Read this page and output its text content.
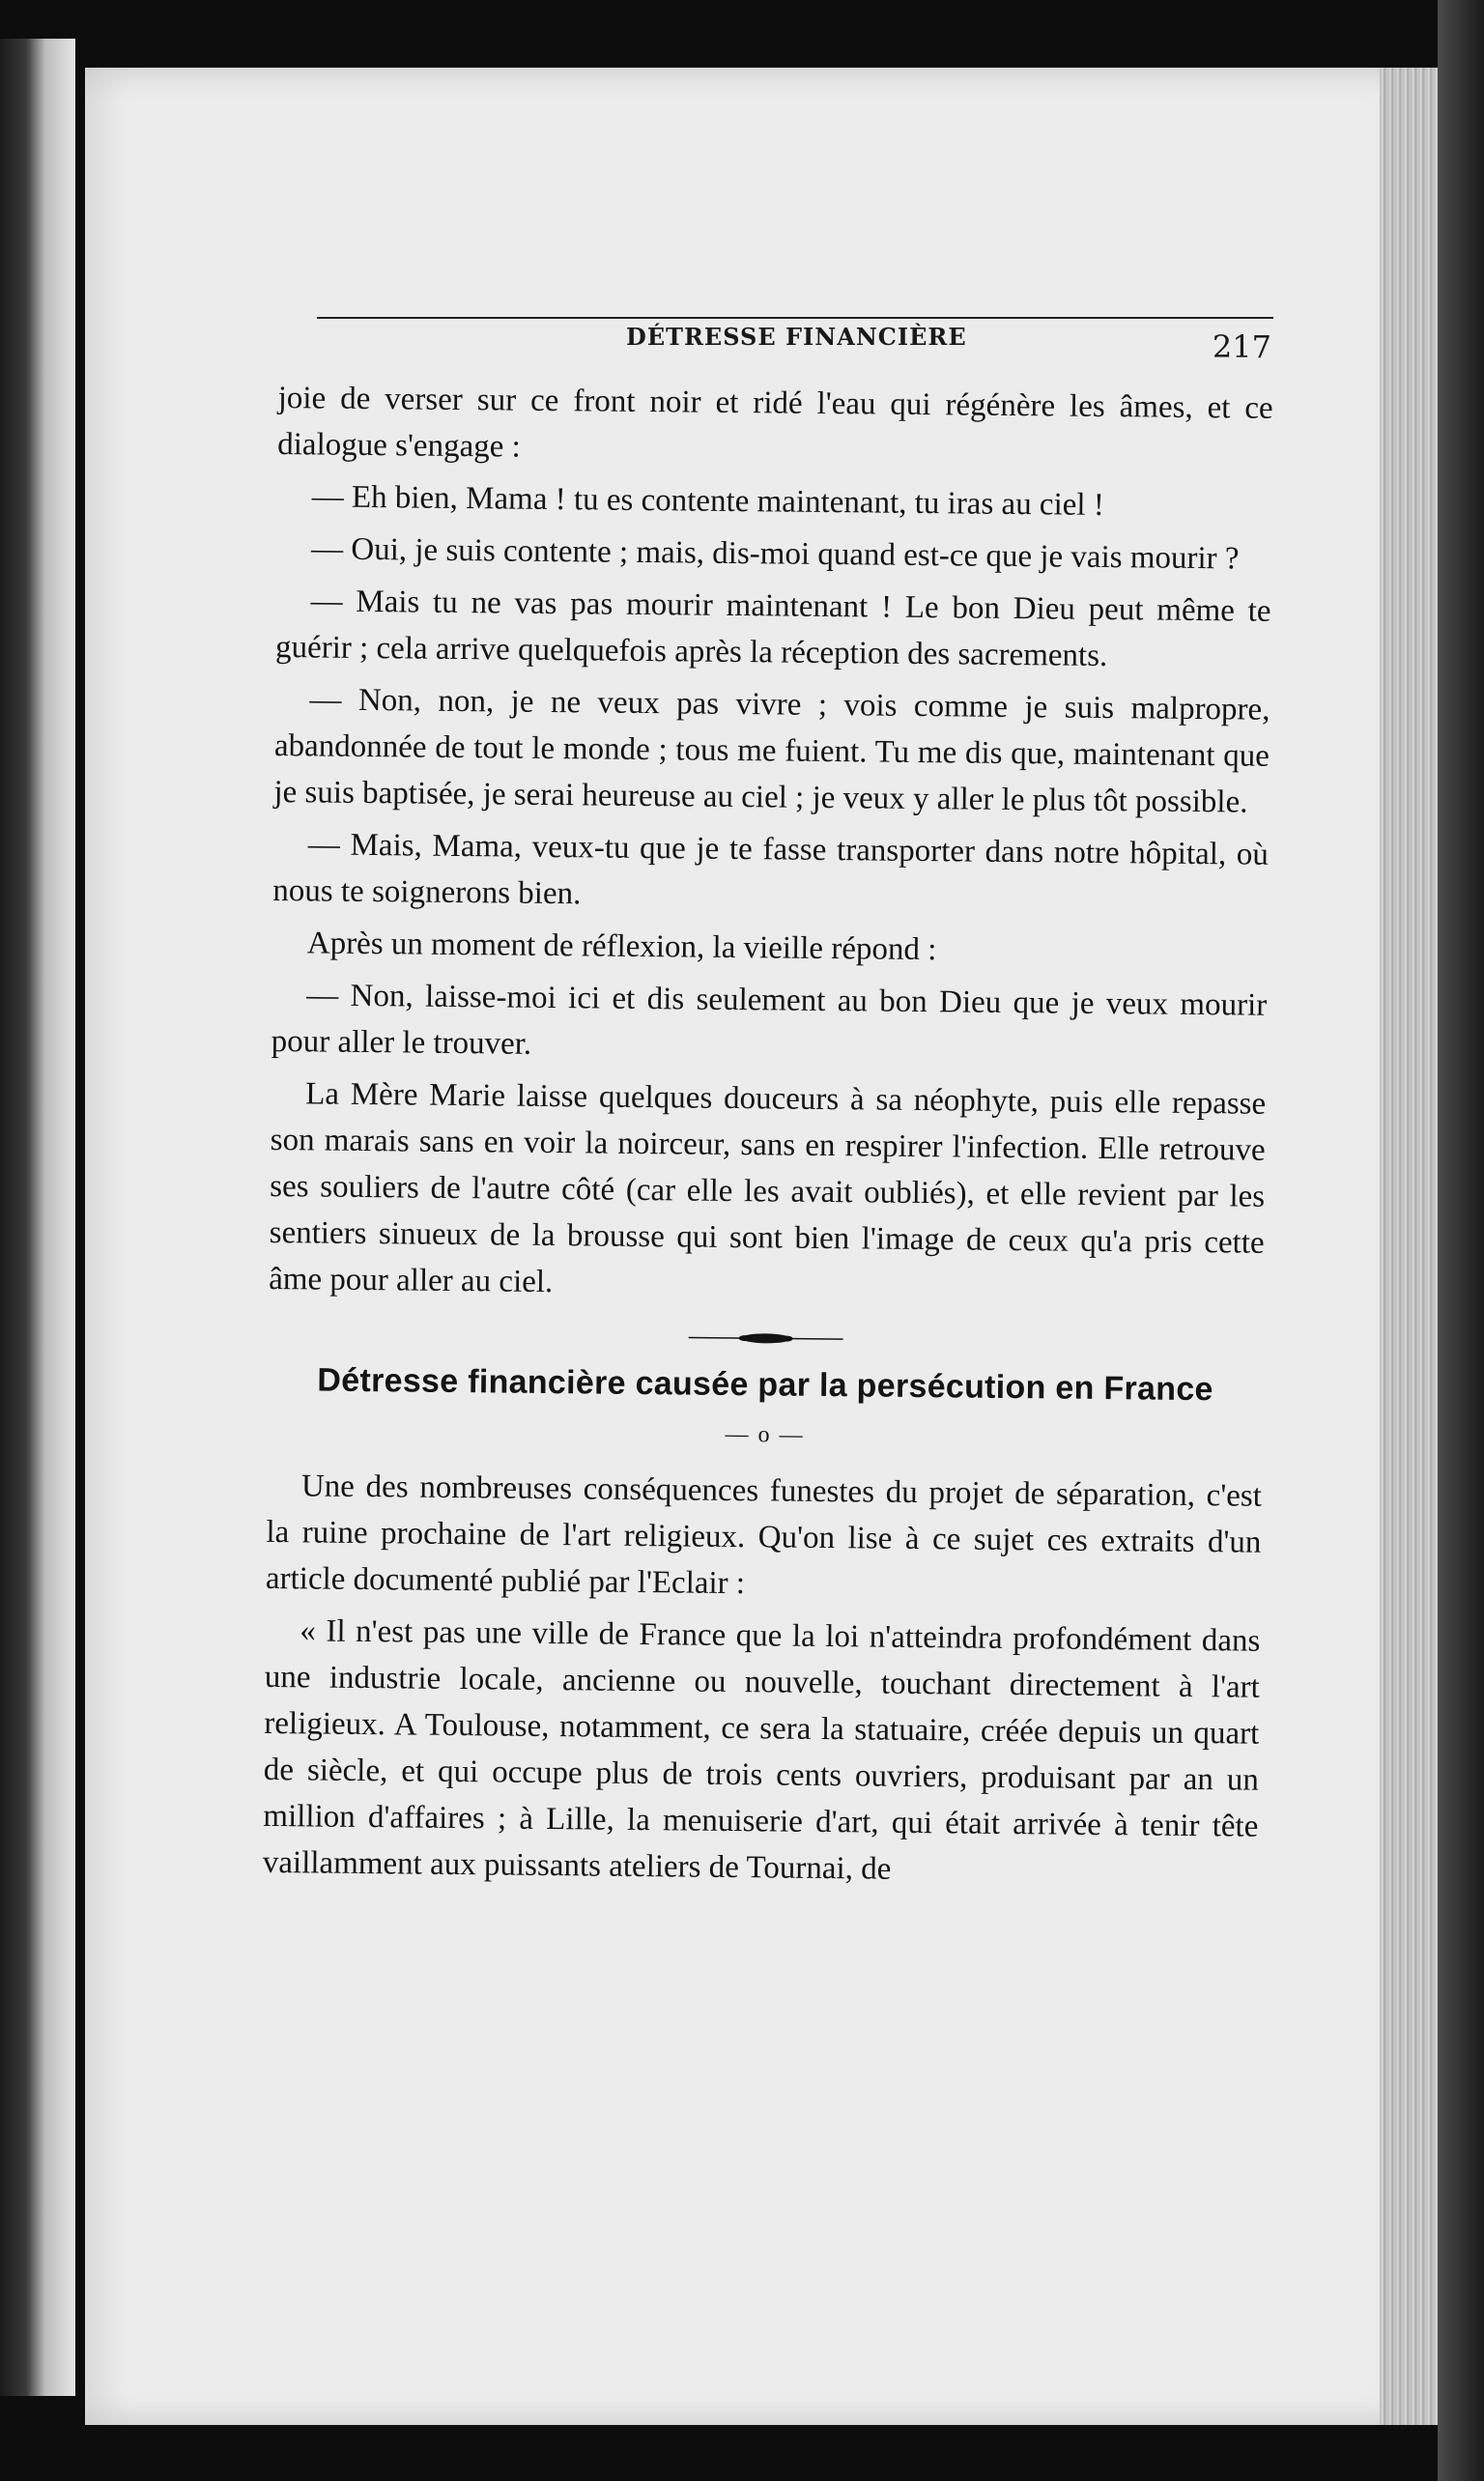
DÉTRESSE FINANCIÈRE	217

joie de verser sur ce front noir et ridé l'eau qui régénère les âmes, et ce dialogue s'engage :

— Eh bien, Mama ! tu es contente maintenant, tu iras au ciel !

— Oui, je suis contente ; mais, dis-moi quand est-ce que je vais mourir ?

— Mais tu ne vas pas mourir maintenant ! Le bon Dieu peut même te guérir ; cela arrive quelquefois après la réception des sacrements.

— Non, non, je ne veux pas vivre ; vois comme je suis malpropre, abandonnée de tout le monde ; tous me fuient. Tu me dis que, maintenant que je suis baptisée, je serai heureuse au ciel ; je veux y aller le plus tôt possible.

— Mais, Mama, veux-tu que je te fasse transporter dans notre hôpital, où nous te soignerons bien.

Après un moment de réflexion, la vieille répond :

— Non, laisse-moi ici et dis seulement au bon Dieu que je veux mourir pour aller le trouver.

La Mère Marie laisse quelques douceurs à sa néophyte, puis elle repasse son marais sans en voir la noirceur, sans en respirer l'infection. Elle retrouve ses souliers de l'autre côté (car elle les avait oubliés), et elle revient par les sentiers sinueux de la brousse qui sont bien l'image de ceux qu'a pris cette âme pour aller au ciel.

Détresse financière causée par la persécution en France
— o —

Une des nombreuses conséquences funestes du projet de séparation, c'est la ruine prochaine de l'art religieux. Qu'on lise à ce sujet ces extraits d'un article documenté publié par l'Eclair :

« Il n'est pas une ville de France que la loi n'atteindra profondément dans une industrie locale, ancienne ou nouvelle, touchant directement à l'art religieux. A Toulouse, notamment, ce sera la statuaire, créée depuis un quart de siècle, et qui occupe plus de trois cents ouvriers, produisant par an un million d'affaires ; à Lille, la menuiserie d'art, qui était arrivée à tenir tête vaillamment aux puissants ateliers de Tournai, de
